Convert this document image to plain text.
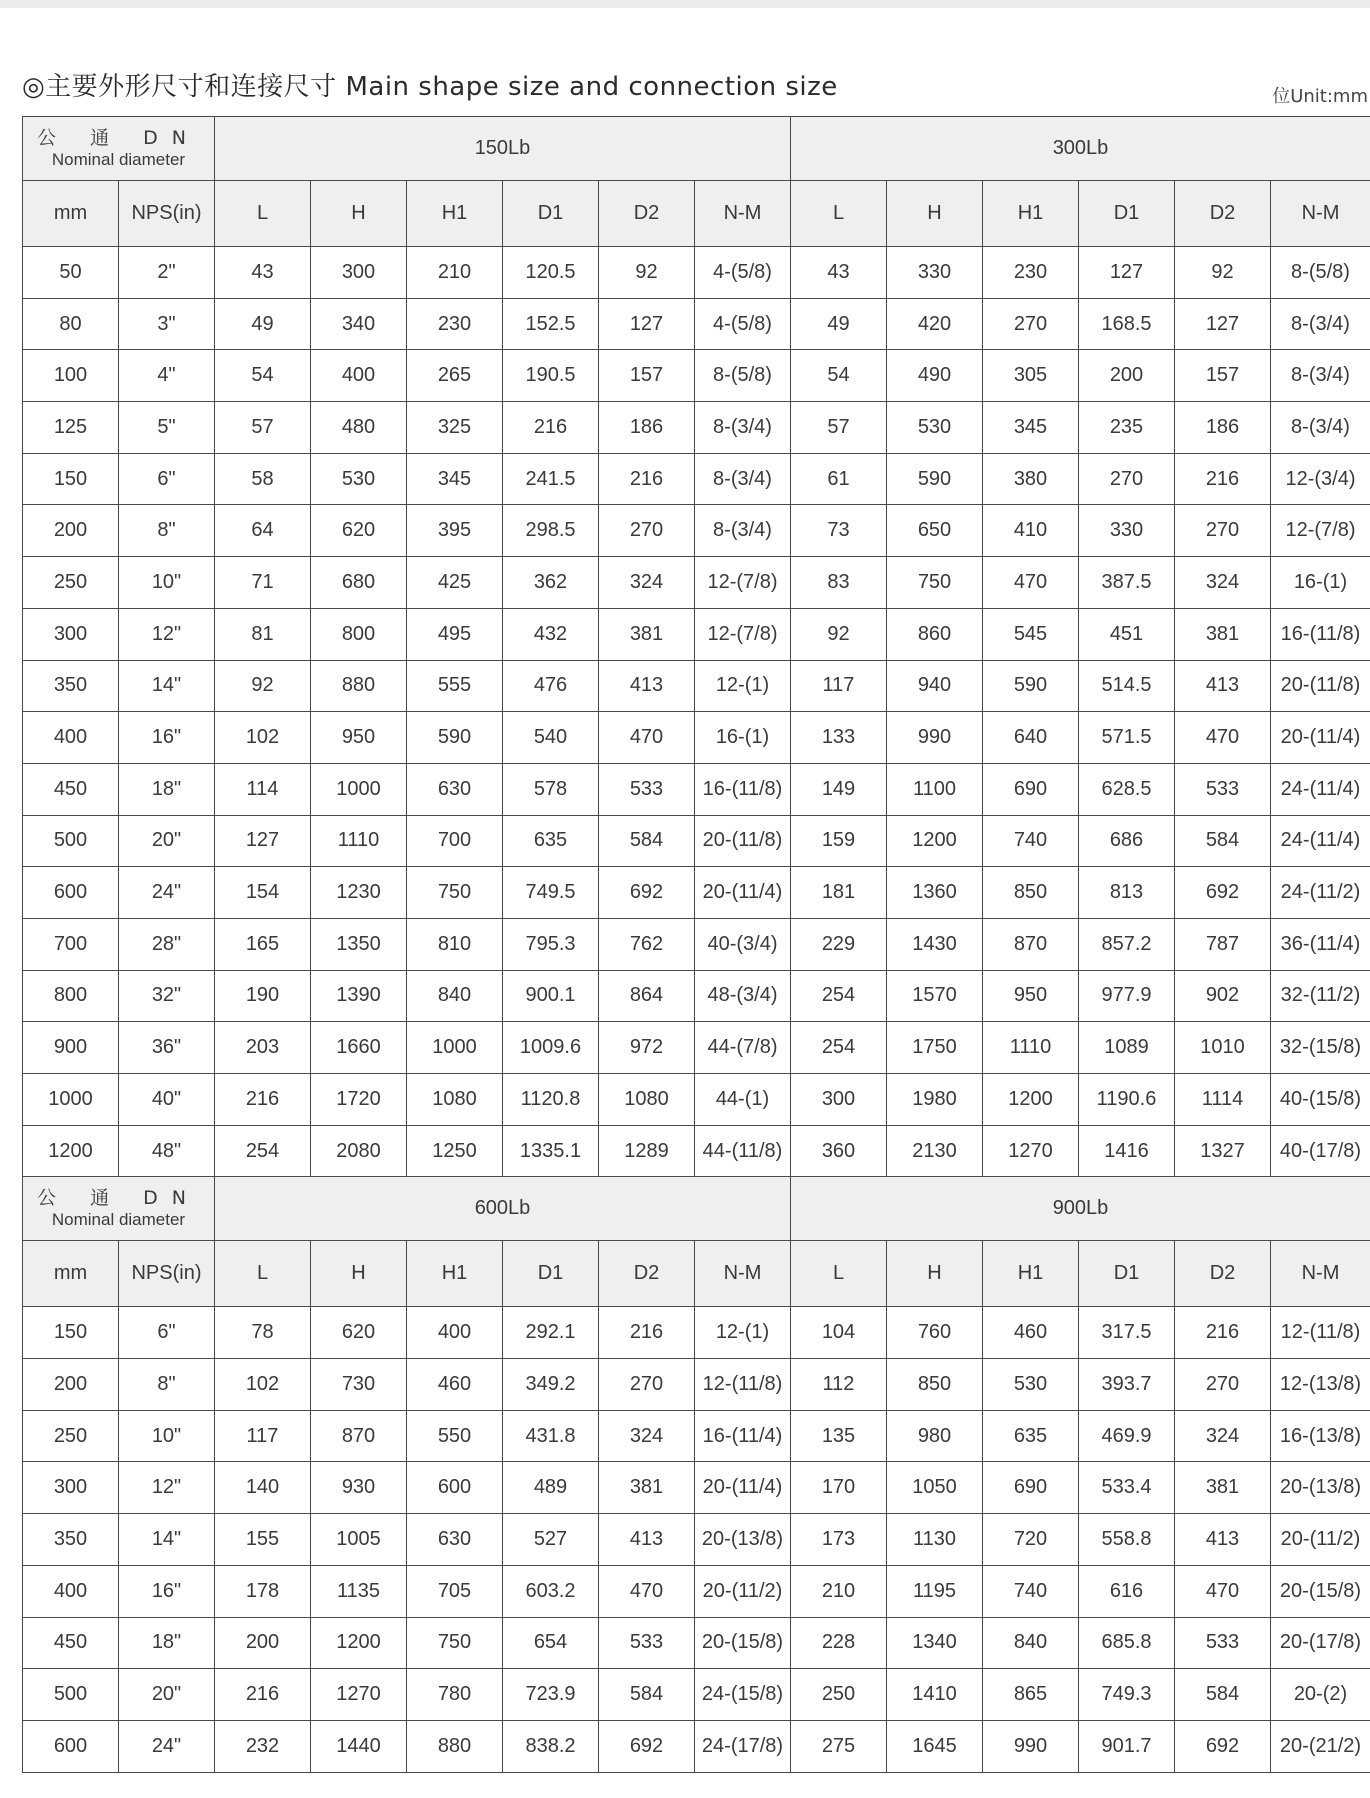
◎主要外形尺寸和连接尺寸 Main shape size and connection size	位Unit:mm
公 通 DN
Nominal diameter		150Lb						300Lb					
mm	NPS(in)	L	H	H1	D1	D2	N-M	L	H	H1	D1	D2	N-M
50	2"	43	300	210	120.5	92	4-(5/8)	43	330	230	127	92	8-(5/8)
80	3"	49	340	230	152.5	127	4-(5/8)	49	420	270	168.5	127	8-(3/4)
100	4"	54	400	265	190.5	157	8-(5/8)	54	490	305	200	157	8-(3/4)
125	5"	57	480	325	216	186	8-(3/4)	57	530	345	235	186	8-(3/4)
150	6"	58	530	345	241.5	216	8-(3/4)	61	590	380	270	216	12-(3/4)
200	8"	64	620	395	298.5	270	8-(3/4)	73	650	410	330	270	12-(7/8)
250	10"	71	680	425	362	324	12-(7/8)	83	750	470	387.5	324	16-(1)
300	12"	81	800	495	432	381	12-(7/8)	92	860	545	451	381	16-(11/8)
350	14"	92	880	555	476	413	12-(1)	117	940	590	514.5	413	20-(11/8)
400	16"	102	950	590	540	470	16-(1)	133	990	640	571.5	470	20-(11/4)
450	18"	114	1000	630	578	533	16-(11/8)	149	1100	690	628.5	533	24-(11/4)
500	20"	127	1110	700	635	584	20-(11/8)	159	1200	740	686	584	24-(11/4)
600	24"	154	1230	750	749.5	692	20-(11/4)	181	1360	850	813	692	24-(11/2)
700	28"	165	1350	810	795.3	762	40-(3/4)	229	1430	870	857.2	787	36-(11/4)
800	32"	190	1390	840	900.1	864	48-(3/4)	254	1570	950	977.9	902	32-(11/2)
900	36"	203	1660	1000	1009.6	972	44-(7/8)	254	1750	1110	1089	1010	32-(15/8)
1000	40"	216	1720	1080	1120.8	1080	44-(1)	300	1980	1200	1190.6	1114	40-(15/8)
1200	48"	254	2080	1250	1335.1	1289	44-(11/8)	360	2130	1270	1416	1327	40-(17/8)

公 通 DN
Nominal diameter		600Lb						900Lb					
mm	NPS(in)	L	H	H1	D1	D2	N-M	L	H	H1	D1	D2	N-M
150	6"	78	620	400	292.1	216	12-(1)	104	760	460	317.5	216	12-(11/8)
200	8"	102	730	460	349.2	270	12-(11/8)	112	850	530	393.7	270	12-(13/8)
250	10"	117	870	550	431.8	324	16-(11/4)	135	980	635	469.9	324	16-(13/8)
300	12"	140	930	600	489	381	20-(11/4)	170	1050	690	533.4	381	20-(13/8)
350	14"	155	1005	630	527	413	20-(13/8)	173	1130	720	558.8	413	20-(11/2)
400	16"	178	1135	705	603.2	470	20-(11/2)	210	1195	740	616	470	20-(15/8)
450	18"	200	1200	750	654	533	20-(15/8)	228	1340	840	685.8	533	20-(17/8)
500	20"	216	1270	780	723.9	584	24-(15/8)	250	1410	865	749.3	584	20-(2)
600	24"	232	1440	880	838.2	692	24-(17/8)	275	1645	990	901.7	692	20-(21/2)
